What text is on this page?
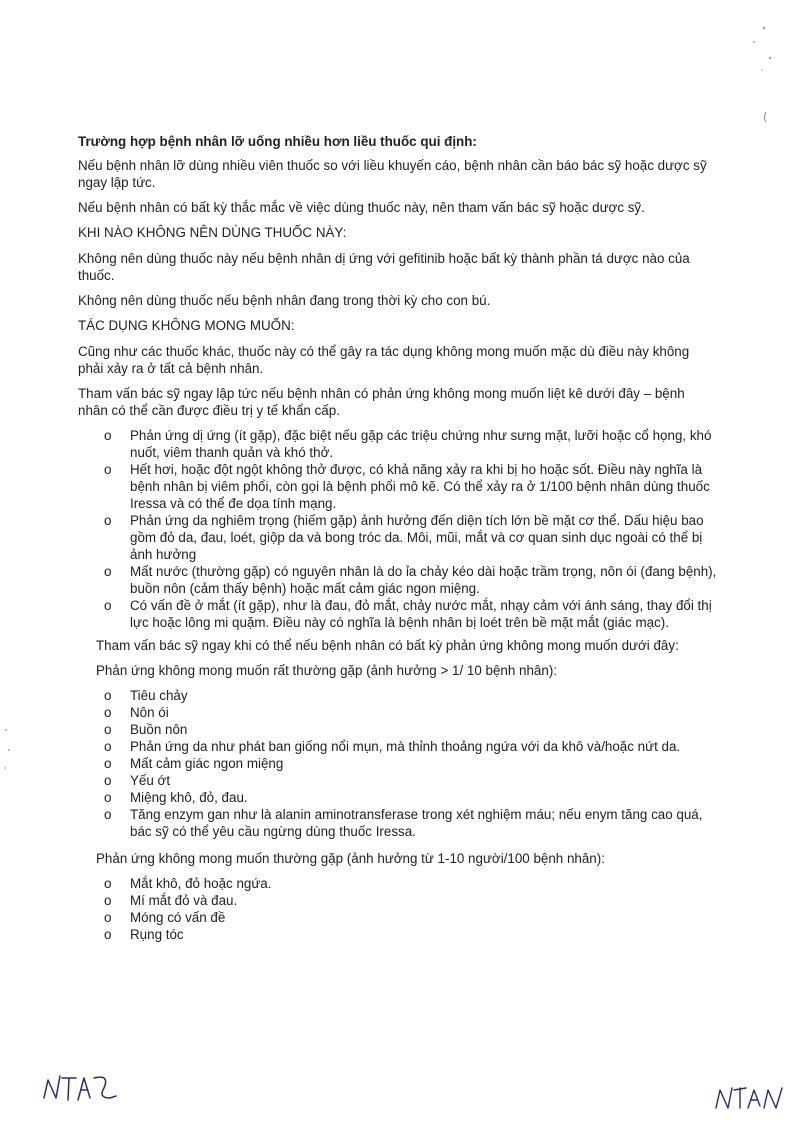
Trường hợp bệnh nhân lỡ uống nhiều hơn liều thuốc qui định:

Nếu bệnh nhân lỡ dùng nhiều viên thuốc so với liều khuyến cáo, bệnh nhân cần báo bác sỹ hoặc dược sỹ ngay lập tức.

Nếu bệnh nhân có bất kỳ thắc mắc về việc dùng thuốc này, nên tham vấn bác sỹ hoặc dược sỹ.

KHI NÀO KHÔNG NÊN DÙNG THUỐC NÀY:

Không nên dùng thuốc này nếu bệnh nhân dị ứng với gefitinib hoặc bất kỳ thành phần tá dược nào của thuốc.

Không nên dùng thuốc nếu bệnh nhân đang trong thời kỳ cho con bú.

TÁC DỤNG KHÔNG MONG MUỐN:

Cũng như các thuốc khác, thuốc này có thể gây ra tác dụng không mong muốn mặc dù điều này không phải xảy ra ở tất cả bệnh nhân.

Tham vấn bác sỹ ngay lập tức nếu bệnh nhân có phản ứng không mong muốn liệt kê dưới đây – bệnh nhân có thể cần được điều trị y tế khẩn cấp.

o	Phản ứng dị ứng (ít gặp), đặc biệt nếu gặp các triệu chứng như sưng mặt, lưỡi hoặc cổ họng, khó nuốt, viêm thanh quản và khó thở.
o	Hết hơi, hoặc đột ngột không thở được, có khả năng xảy ra khi bị ho hoặc sốt. Điều này nghĩa là bệnh nhân bị viêm phổi, còn gọi là bệnh phổi mô kẽ. Có thể xảy ra ở 1/100 bệnh nhân dùng thuốc Iressa và có thể đe dọa tính mạng.
o	Phản ứng da nghiêm trọng (hiếm gặp) ảnh hưởng đến diện tích lớn bề mặt cơ thể. Dấu hiệu bao gồm đỏ da, đau, loét, giộp da và bong tróc da. Môi, mũi, mắt và cơ quan sinh dục ngoài có thể bị ảnh hưởng
o	Mất nước (thường gặp) có nguyên nhân là do ỉa chảy kéo dài hoặc trầm trọng, nôn ói (đang bệnh), buồn nôn (cảm thấy bệnh) hoặc mất cảm giác ngon miệng.
o	Có vấn đề ở mắt (ít gặp), như là đau, đỏ mắt, chảy nước mắt, nhạy cảm với ánh sáng, thay đổi thị lực hoặc lông mi quặm. Điều này có nghĩa là bệnh nhân bị loét trên bề mặt mắt (giác mạc).

Tham vấn bác sỹ ngay khi có thể nếu bệnh nhân có bất kỳ phản ứng không mong muốn dưới đây:

Phản ứng không mong muốn rất thường gặp (ảnh hưởng > 1/ 10 bệnh nhân):

o	Tiêu chảy
o	Nôn ói
o	Buồn nôn
o	Phản ứng da như phát ban giống nổi mụn, mà thỉnh thoảng ngứa với da khô và/hoặc nứt da.
o	Mất cảm giác ngon miệng
o	Yếu ớt
o	Miệng khô, đỏ, đau.
o	Tăng enzym gan như là alanin aminotransferase trong xét nghiệm máu; nếu enym tăng cao quá, bác sỹ có thể yêu cầu ngừng dùng thuốc Iressa.

Phản ứng không mong muốn thường gặp (ảnh hưởng từ 1-10 người/100 bệnh nhân):

o	Mắt khô, đỏ hoặc ngứa.
o	Mí mắt đỏ và đau.
o	Móng có vấn đề
o	Rụng tóc
